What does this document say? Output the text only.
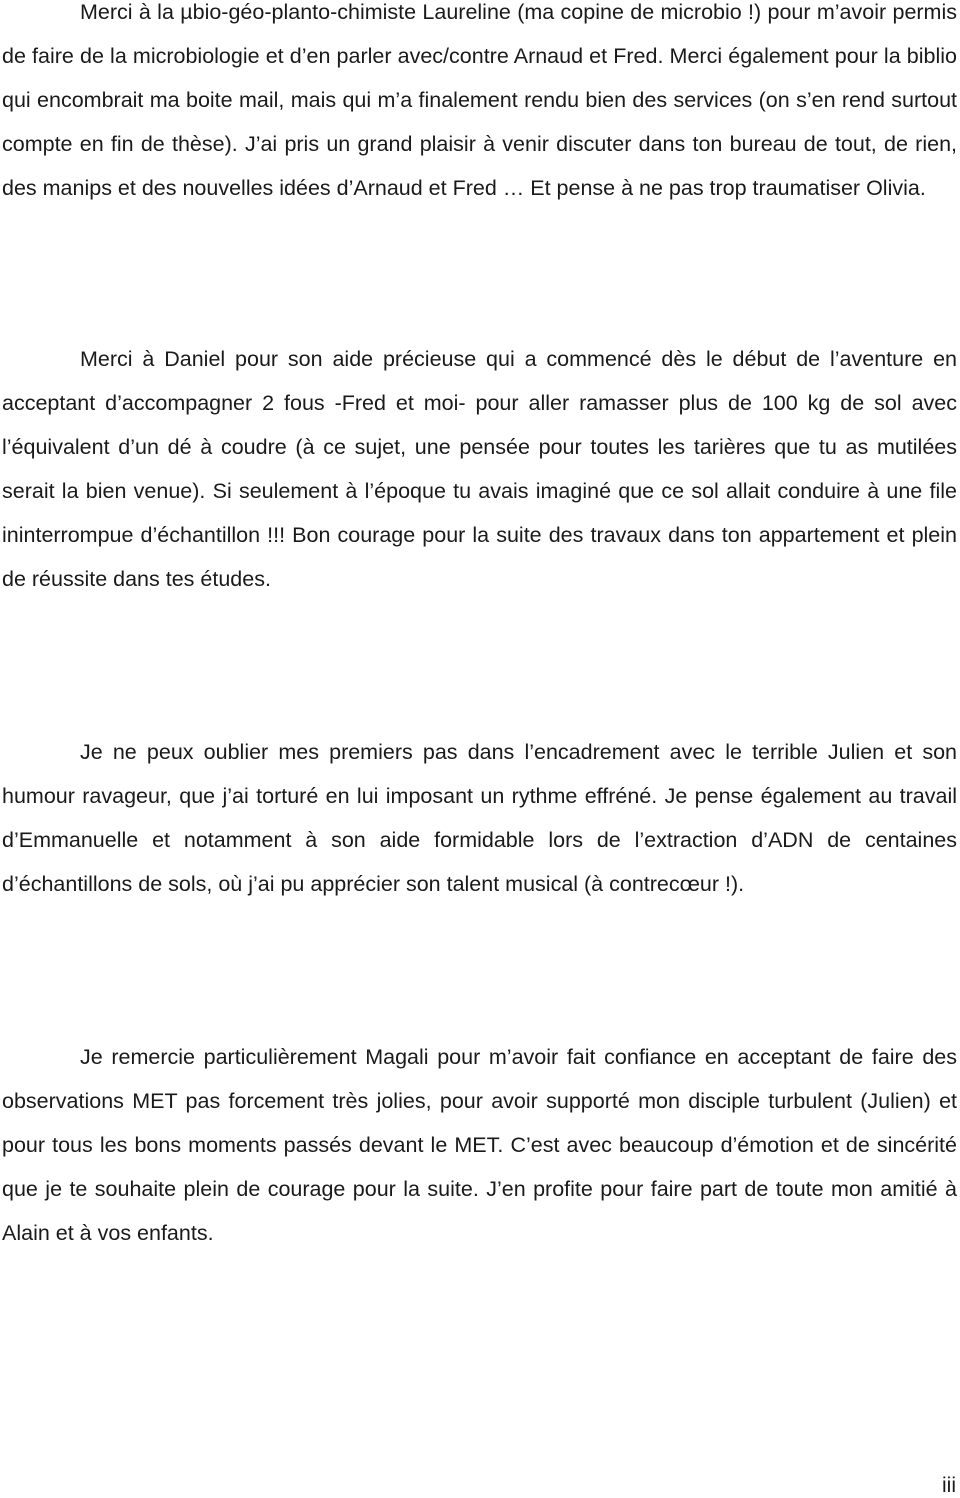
Merci à la µbio-géo-planto-chimiste Laureline (ma copine de microbio !) pour m’avoir permis de faire de la microbiologie et d’en parler avec/contre Arnaud et Fred. Merci également pour la biblio qui encombrait ma boite mail, mais qui m’a finalement rendu bien des services (on s’en rend surtout compte en fin de thèse). J’ai pris un grand plaisir à venir discuter dans ton bureau de tout, de rien, des manips et des nouvelles idées d’Arnaud et Fred … Et pense à ne pas trop traumatiser Olivia.

Merci à Daniel pour son aide précieuse qui a commencé dès le début de l’aventure en acceptant d’accompagner 2 fous -Fred et moi- pour aller ramasser plus de 100 kg de sol avec l’équivalent d’un dé à coudre (à ce sujet, une pensée pour toutes les tarières que tu as mutilées serait la bien venue). Si seulement à l’époque tu avais imaginé que ce sol allait conduire à une file ininterrompue d’échantillon !!! Bon courage pour la suite des travaux dans ton appartement et plein de réussite dans tes études.

Je ne peux oublier mes premiers pas dans l’encadrement avec le terrible Julien et son humour ravageur, que j’ai torturé en lui imposant un rythme effréné. Je pense également au travail d’Emmanuelle et notamment à son aide formidable lors de l’extraction d’ADN de centaines d’échantillons de sols, où j’ai pu apprécier son talent musical (à contrecœur !).

Je remercie particulièrement Magali pour m’avoir fait confiance en acceptant de faire des observations MET pas forcement très jolies, pour avoir supporté mon disciple turbulent (Julien) et pour tous les bons moments passés devant le MET. C’est avec beaucoup d’émotion et de sincérité que je te souhaite plein de courage pour la suite. J’en profite pour faire part de toute mon amitié à Alain et à vos enfants.

iii
